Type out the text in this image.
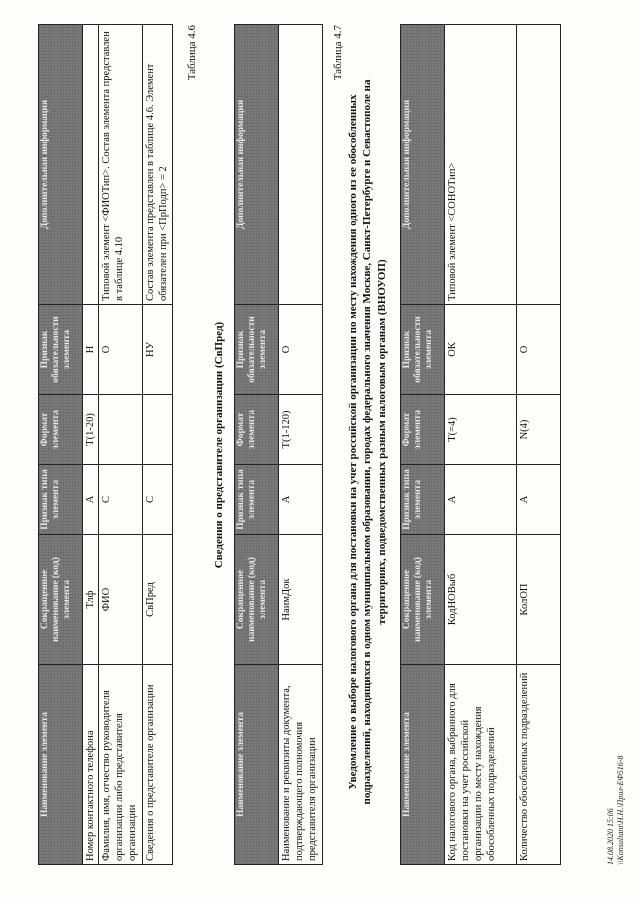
Наименование элемента	Сокращенное наименование (код) элемента	Признак типа элемента	Формат элемента	Признак обязательности элемента	Дополнительная информация
Номер контактного телефона	Тлф	А	T(1-20)	Н	
Фамилия, имя, отчество руководителя организации либо представителя организации	ФИО	С		О	Типовой элемент <ФИОТип>. Состав элемента представлен в таблице 4.10
Сведения о представителе организации	СвПред	С		НУ	Состав элемента представлен в таблице 4.6. Элемент обязателен при <ПрПодп> = 2
Таблица 4.6
Сведения о представителе организации (СвПред)
Наименование элемента	Сокращенное наименование (код) элемента	Признак типа элемента	Формат элемента	Признак обязательности элемента	Дополнительная информация
Наименование и реквизиты документа, подтверждающего полномочия представителя организации	НаимДок	А	T(1-120)	О	
Таблица 4.7
Уведомление о выборе налогового органа для постановки на учет российской организации по месту нахождения одного из ее обособленных подразделений, находящихся в одном муниципальном образовании, городах федерального значения Москве, Санкт-Петербурге и Севастополе на территориях, подведомственных разным налоговым органам (ВНОУОП)
Наименование элемента	Сокращенное наименование (код) элемента	Признак типа элемента	Формат элемента	Признак обязательности элемента	Дополнительная информация
Код налогового органа, выбранного для постановки на учет российской организации по месту нахождения обособленных подразделений	КодНОВыб	А	T(=4)	ОК	Типовой элемент <СОНОТип>
Количество обособленных подразделений	КолОП	А	N(4)	О	
14.08.2020 15:06 \\Konsultant\Н.Н.\Прил-ЕФ516-8
